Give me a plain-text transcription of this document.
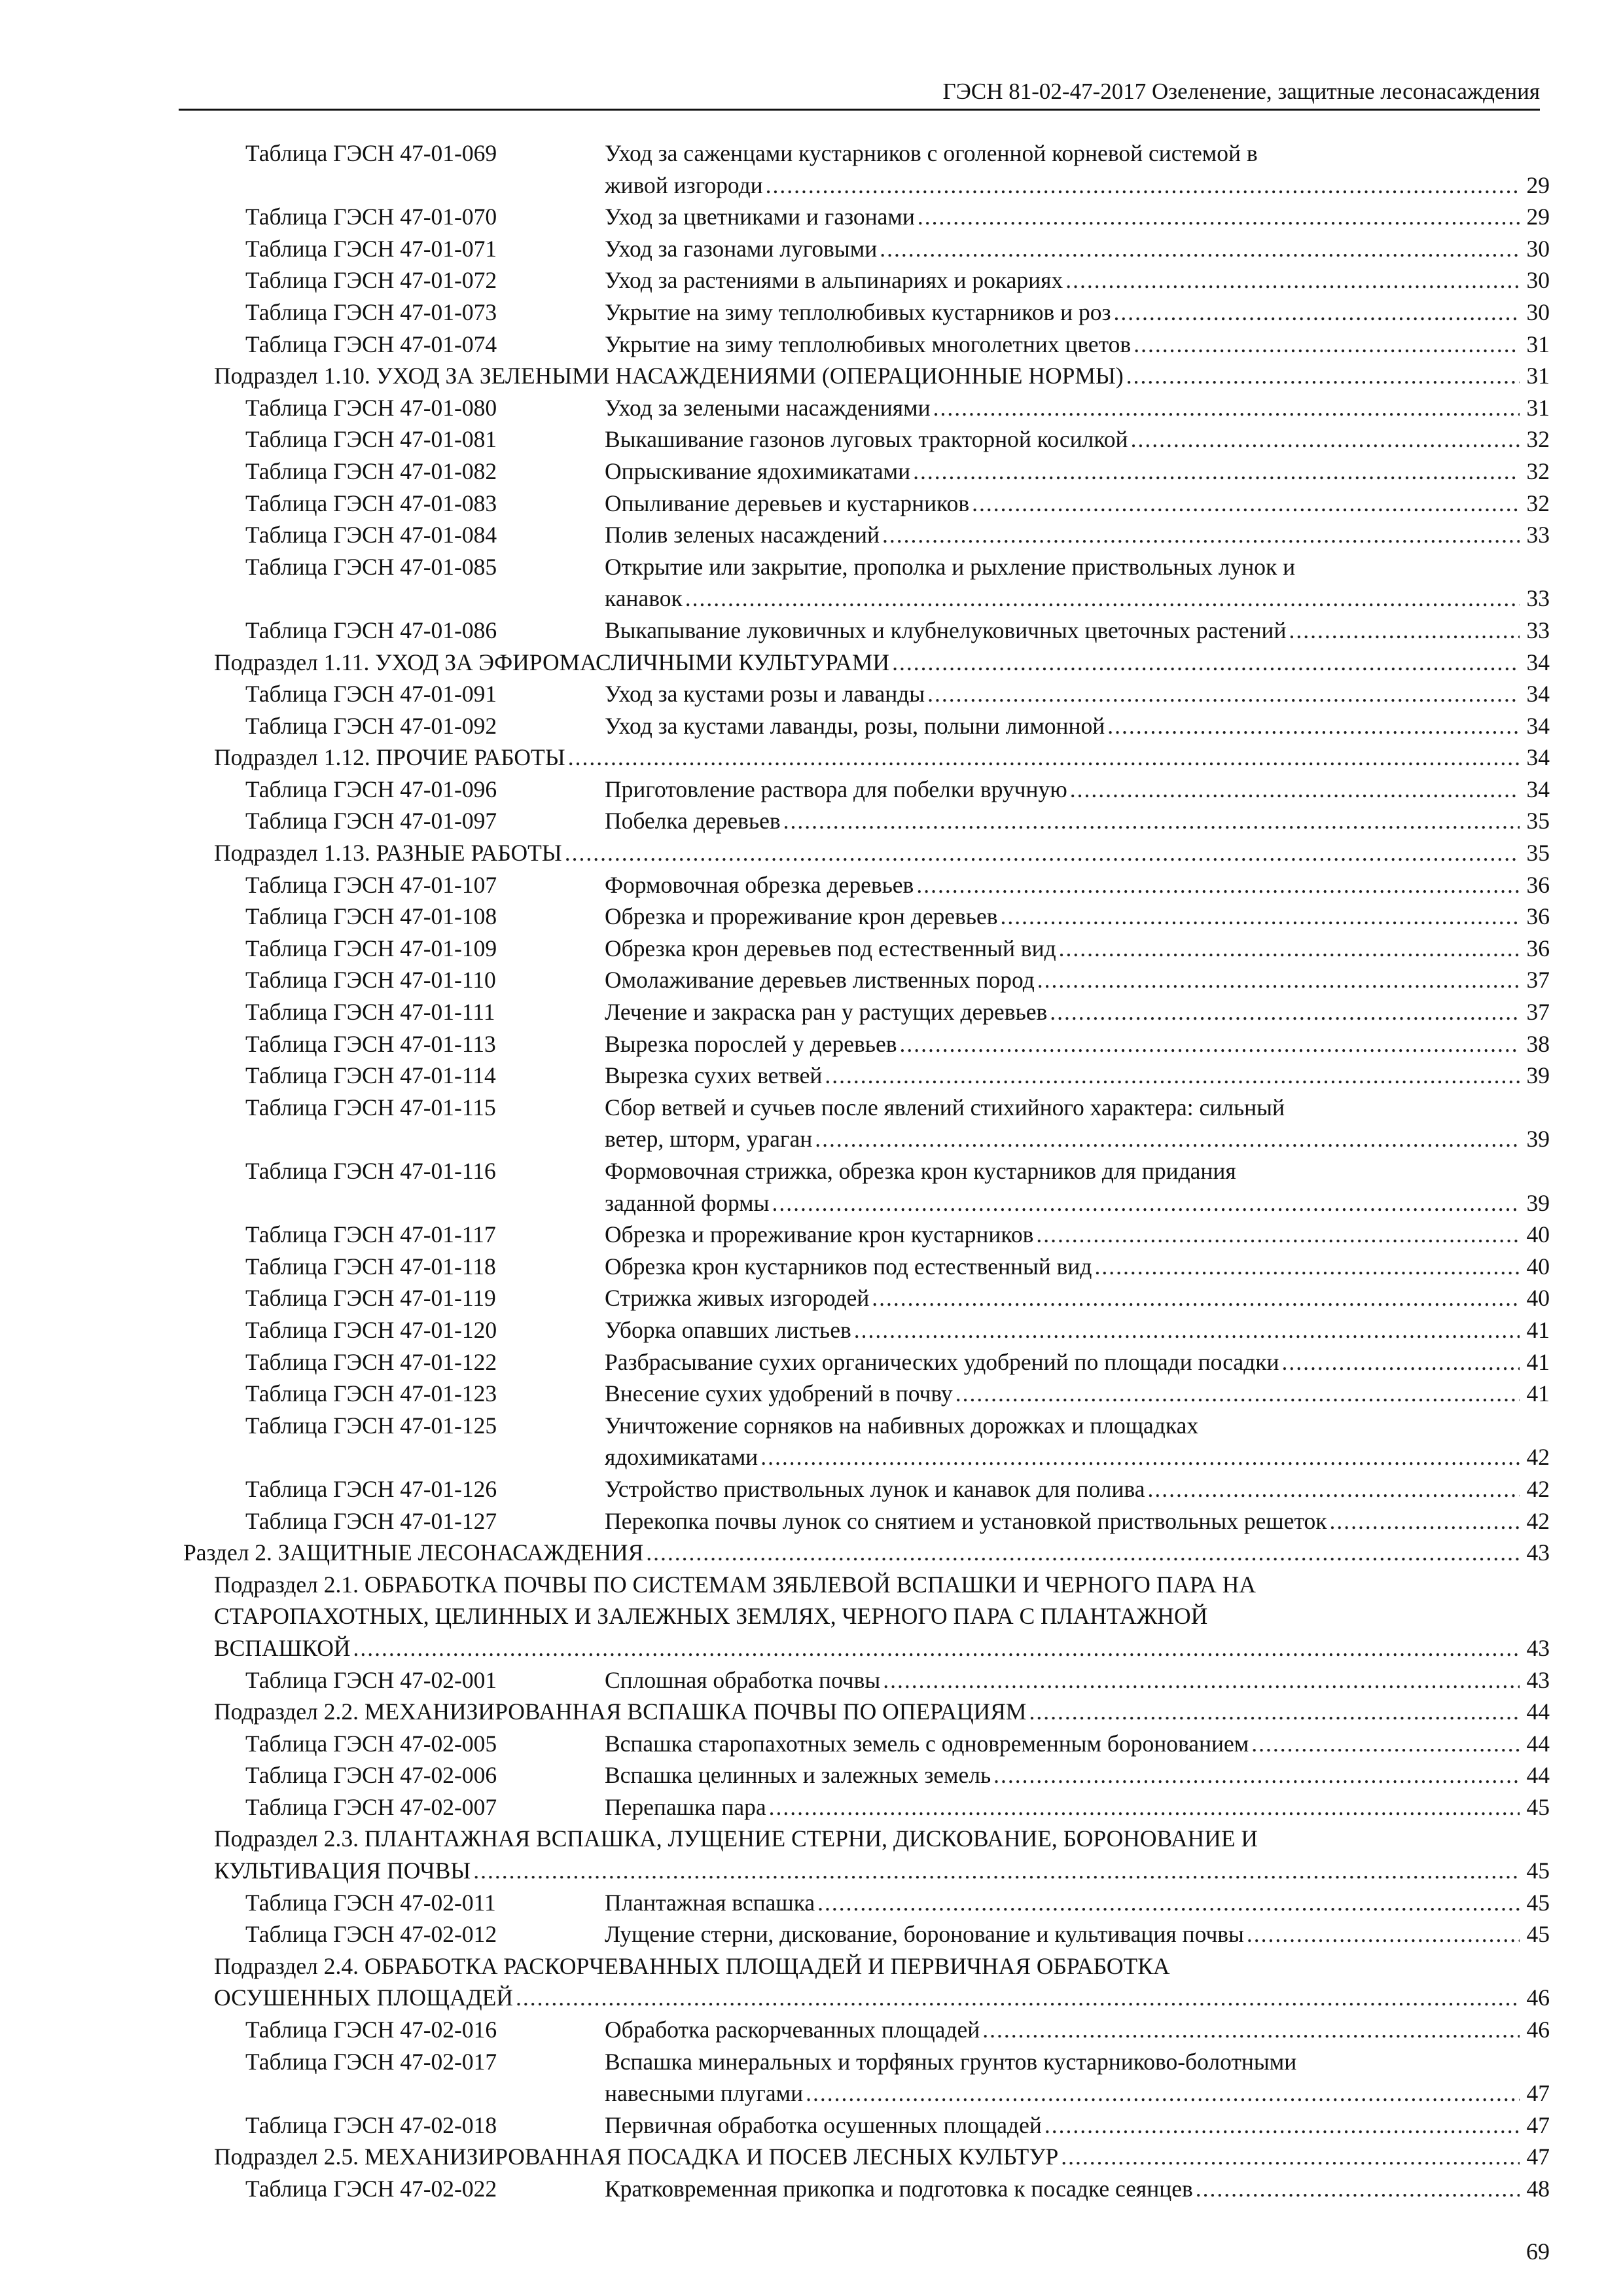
ГЭСН 81-02-47-2017 Озеленение, защитные лесонасаждения
Таблица ГЭСН 47-01-069	Уход за саженцами кустарников с оголенной корневой системой в
живой изгороди .....	29
Таблица ГЭСН 47-01-070	Уход за цветниками и газонами .....	29
Таблица ГЭСН 47-01-071	Уход за газонами луговыми .....	30
Таблица ГЭСН 47-01-072	Уход за растениями в альпинариях и рокариях .....	30
Таблица ГЭСН 47-01-073	Укрытие на зиму теплолюбивых кустарников и роз .....	30
Таблица ГЭСН 47-01-074	Укрытие на зиму теплолюбивых многолетних цветов .....	31
Подраздел 1.10. УХОД ЗА ЗЕЛЕНЫМИ НАСАЖДЕНИЯМИ (ОПЕРАЦИОННЫЕ НОРМЫ) .....	31
Таблица ГЭСН 47-01-080	Уход за зелеными насаждениями .....	31
Таблица ГЭСН 47-01-081	Выкашивание газонов луговых тракторной косилкой .....	32
Таблица ГЭСН 47-01-082	Опрыскивание ядохимикатами .....	32
Таблица ГЭСН 47-01-083	Опыливание деревьев и кустарников .....	32
Таблица ГЭСН 47-01-084	Полив зеленых насаждений .....	33
Таблица ГЭСН 47-01-085	Открытие или закрытие, прополка и рыхление приствольных лунок и
канавок .....	33
Таблица ГЭСН 47-01-086	Выкапывание луковичных и клубнелуковичных цветочных растений .....	33
Подраздел 1.11. УХОД ЗА ЭФИРОМАСЛИЧНЫМИ КУЛЬТУРАМИ .....	34
Таблица ГЭСН 47-01-091	Уход за кустами розы и лаванды .....	34
Таблица ГЭСН 47-01-092	Уход за кустами лаванды, розы, полыни лимонной .....	34
Подраздел 1.12. ПРОЧИЕ РАБОТЫ .....	34
Таблица ГЭСН 47-01-096	Приготовление раствора для побелки вручную .....	34
Таблица ГЭСН 47-01-097	Побелка деревьев .....	35
Подраздел 1.13. РАЗНЫЕ РАБОТЫ .....	35
Таблица ГЭСН 47-01-107	Формовочная обрезка деревьев .....	36
Таблица ГЭСН 47-01-108	Обрезка и прореживание крон деревьев .....	36
Таблица ГЭСН 47-01-109	Обрезка крон деревьев под естественный вид .....	36
Таблица ГЭСН 47-01-110	Омолаживание деревьев лиственных пород .....	37
Таблица ГЭСН 47-01-111	Лечение и закраска ран у растущих деревьев .....	37
Таблица ГЭСН 47-01-113	Вырезка порослей у деревьев .....	38
Таблица ГЭСН 47-01-114	Вырезка сухих ветвей .....	39
Таблица ГЭСН 47-01-115	Сбор ветвей и сучьев после явлений стихийного характера: сильный
ветер, шторм, ураган .....	39
Таблица ГЭСН 47-01-116	Формовочная стрижка, обрезка крон кустарников для придания
заданной формы .....	39
Таблица ГЭСН 47-01-117	Обрезка и прореживание крон кустарников .....	40
Таблица ГЭСН 47-01-118	Обрезка крон кустарников под естественный вид .....	40
Таблица ГЭСН 47-01-119	Стрижка живых изгородей .....	40
Таблица ГЭСН 47-01-120	Уборка опавших листьев .....	41
Таблица ГЭСН 47-01-122	Разбрасывание сухих органических удобрений по площади посадки .....	41
Таблица ГЭСН 47-01-123	Внесение сухих удобрений в почву .....	41
Таблица ГЭСН 47-01-125	Уничтожение сорняков на набивных дорожках и площадках
ядохимикатами .....	42
Таблица ГЭСН 47-01-126	Устройство приствольных лунок и канавок для полива .....	42
Таблица ГЭСН 47-01-127	Перекопка почвы лунок со снятием и установкой приствольных решеток .....	42
Раздел 2. ЗАЩИТНЫЕ ЛЕСОНАСАЖДЕНИЯ .....	43
Подраздел 2.1. ОБРАБОТКА ПОЧВЫ ПО СИСТЕМАМ ЗЯБЛЕВОЙ ВСПАШКИ И ЧЕРНОГО ПАРА НА
СТАРОПАХОТНЫХ, ЦЕЛИННЫХ И ЗАЛЕЖНЫХ ЗЕМЛЯХ, ЧЕРНОГО ПАРА С ПЛАНТАЖНОЙ
ВСПАШКОЙ .....	43
Таблица ГЭСН 47-02-001	Сплошная обработка почвы .....	43
Подраздел 2.2. МЕХАНИЗИРОВАННАЯ ВСПАШКА ПОЧВЫ ПО ОПЕРАЦИЯМ .....	44
Таблица ГЭСН 47-02-005	Вспашка старопахотных земель с одновременным боронованием .....	44
Таблица ГЭСН 47-02-006	Вспашка целинных и залежных земель .....	44
Таблица ГЭСН 47-02-007	Перепашка пара .....	45
Подраздел 2.3. ПЛАНТАЖНАЯ ВСПАШКА, ЛУЩЕНИЕ СТЕРНИ, ДИСКОВАНИЕ, БОРОНОВАНИЕ И
КУЛЬТИВАЦИЯ ПОЧВЫ .....	45
Таблица ГЭСН 47-02-011	Плантажная вспашка .....	45
Таблица ГЭСН 47-02-012	Лущение стерни, дискование, боронование и культивация почвы .....	45
Подраздел 2.4. ОБРАБОТКА РАСКОРЧЕВАННЫХ ПЛОЩАДЕЙ И ПЕРВИЧНАЯ ОБРАБОТКА
ОСУШЕННЫХ ПЛОЩАДЕЙ .....	46
Таблица ГЭСН 47-02-016	Обработка раскорчеванных площадей .....	46
Таблица ГЭСН 47-02-017	Вспашка минеральных и торфяных грунтов кустарниково-болотными
навесными плугами .....	47
Таблица ГЭСН 47-02-018	Первичная обработка осушенных площадей .....	47
Подраздел 2.5. МЕХАНИЗИРОВАННАЯ ПОСАДКА И ПОСЕВ ЛЕСНЫХ КУЛЬТУР .....	47
Таблица ГЭСН 47-02-022	Кратковременная прикопка и подготовка к посадке сеянцев .....	48
69
